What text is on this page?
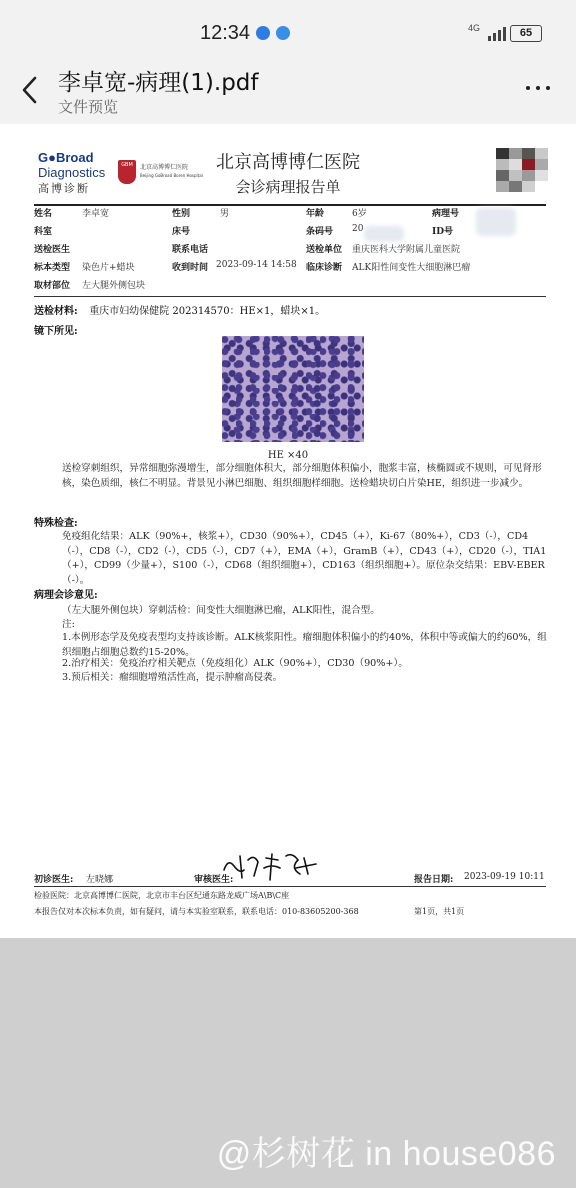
12:34	4G	65
李卓宽-病理(1).pdf
文件预览
G●Broad
Diagnostics
高博诊断
GBM	北京高博博仁医院
Beijing GoBroad Boren Hospital
北京高博博仁医院
会诊病理报告单
姓名	李卓宽	性别	男	年龄	6岁	病理号
科室	床号	条码号 20	ID号
送检医生	联系电话	送检单位 重庆医科大学附属儿童医院
标本类型 染色片+蜡块	收到时间 2023-09-14 14:58 临床诊断 ALK阳性间变性大细胞淋巴瘤
取材部位 左大腿外侧包块
送检材料: 重庆市妇幼保健院 202314570：HE×1，蜡块×1。
镜下所见:
HE ×40
送检穿刺组织，异常细胞弥漫增生，部分细胞体积大，部分细胞体积偏小，胞浆丰富，核椭圆或不规则，可见肾形核，染色质细，核仁不明显。背景见小淋巴细胞、组织细胞样细胞。送检蜡块切白片染HE，组织进一步减少。
特殊检查:
免疫组化结果：ALK（90%+，核浆+），CD30（90%+），CD45（+），Ki-67（80%+），CD3（-），CD4（-），CD8（-），CD2（-），CD5（-），CD7（+），EMA（+），GramB（+），CD43（+），CD20（-），TIA1（+），CD99（少量+），S100（-），CD68（组织细胞+），CD163（组织细胞+）。原位杂交结果：EBV-EBER（-）。
病理会诊意见:
（左大腿外侧包块）穿刺活检：间变性大细胞淋巴瘤，ALK阳性，混合型。
注:
1.本例形态学及免疫表型均支持该诊断。ALK核浆阳性。瘤细胞体积偏小的约40%，体积中等或偏大的约60%，组织细胞占细胞总数约15-20%。
2.治疗相关：免疫治疗相关靶点（免疫组化）ALK（90%+），CD30（90%+）。
3.预后相关：瘤细胞增殖活性高，提示肿瘤高侵袭。
初诊医生: 左晓娜	审核医生:	报告日期: 2023-09-19 10:11
检验医院：北京高博博仁医院，北京市丰台区纪通东路龙威广场A\B\C座
本报告仅对本次标本负责，如有疑问，请与本实验室联系，联系电话：010-83605200-368	第1页，共1页
@杉树花 in house086
